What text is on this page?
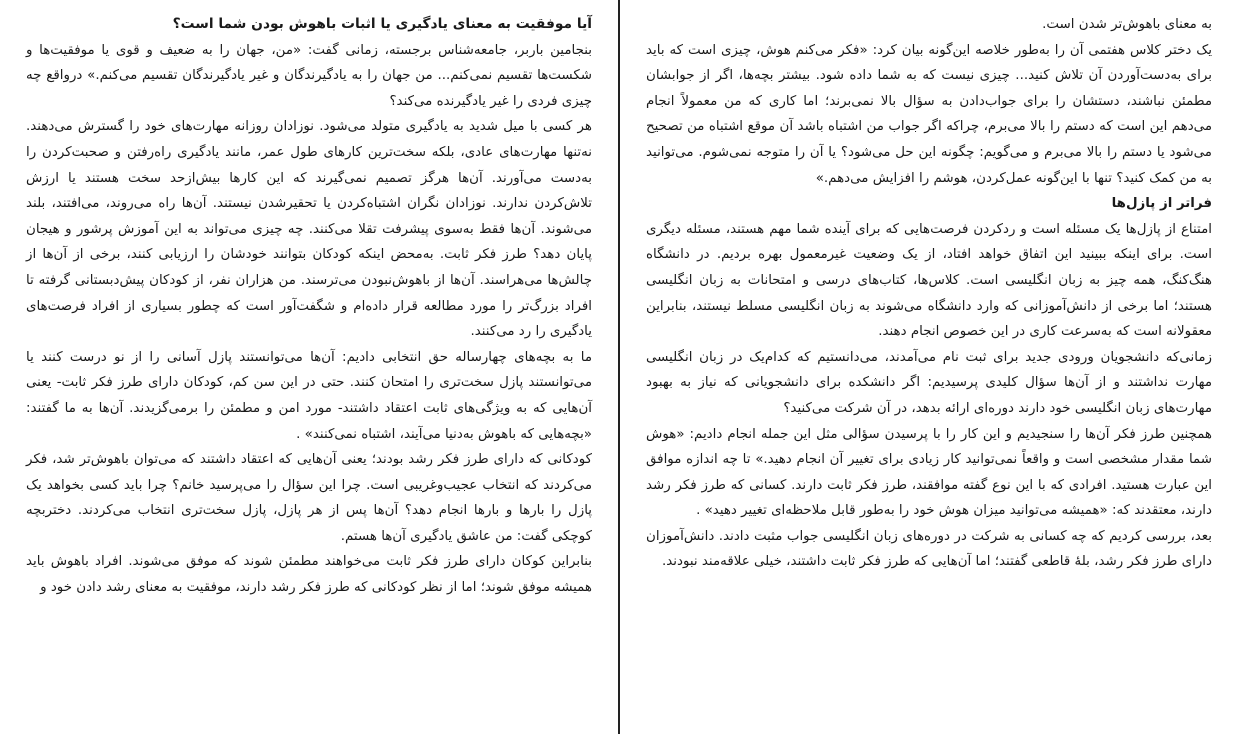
آیا موفقیت به معنای یادگیری یا اثبات باهوش بودن شما است؟

بنجامین باربر، جامعه‌شناس برجسته، زمانی گفت: «من، جهان را به ضعیف و قوی یا موفقیت‌ها و شکست‌ها تقسیم نمی‌کنم... من جهان را به یادگیرندگان و غیر یادگیرندگان تقسیم می‌کنم.» درواقع چه چیزی فردی را غیر یادگیرنده می‌کند؟

هر کسی با میل شدید به یادگیری متولد می‌شود. نوزادان روزانه مهارت‌های خود را گسترش می‌دهند. نه‌تنها مهارت‌های عادی، بلکه سخت‌ترین کارهای طول عمر، مانند یادگیری راه‌رفتن و صحبت‌کردن را به‌دست می‌آورند. آن‌ها هرگز تصمیم نمی‌گیرند که این کارها بیش‌ازحد سخت هستند یا ارزش تلاش‌کردن ندارند. نوزادان نگران اشتباه‌کردن یا تحقیرشدن نیستند. آن‌ها راه می‌روند، می‌افتند، بلند می‌شوند. آن‌ها فقط به‌سوی پیشرفت تقلا می‌کنند. چه چیزی می‌تواند به این آموزش پرشور و هیجان پایان دهد؟ طرز فکر ثابت. به‌محض اینکه کودکان بتوانند خودشان را ارزیابی کنند، برخی از آن‌ها از چالش‌ها می‌هراسند. آن‌ها از باهوش‌نبودن می‌ترسند. من هزاران نفر، از کودکان پیش‌دبستانی گرفته تا افراد بزرگ‌تر را مورد مطالعه قرار داده‌ام و شگفت‌آور است که چطور بسیاری از افراد فرصت‌های یادگیری را رد می‌کنند.

ما به بچه‌های چهارساله حق انتخابی دادیم: آن‌ها می‌توانستند پازل آسانی را از نو درست کنند یا می‌توانستند پازل سخت‌تری را امتحان کنند. حتی در این سن کم، کودکان دارای طرز فکر ثابت- یعنی آن‌هایی که به ویژگی‌های ثابت اعتقاد داشتند- مورد امن و مطمئن را برمی‌گزیدند. آن‌ها به ما گفتند: «بچه‌هایی که باهوش به‌دنیا می‌آیند، اشتباه نمی‌کنند» .

کودکانی که دارای طرز فکر رشد بودند؛ یعنی آن‌هایی که اعتقاد داشتند که می‌توان باهوش‌تر شد، فکر می‌کردند که انتخاب عجیب‌وغریبی است. چرا این سؤال را می‌پرسید خانم؟ چرا باید کسی بخواهد یک پازل را بارها و بارها انجام دهد؟ آن‌ها پس از هر پازل، پازل سخت‌تری انتخاب می‌کردند. دختربچه کوچکی گفت: من عاشق یادگیری آن‌ها هستم.

بنابراین کوکان دارای طرز فکر ثابت می‌خواهند مطمئن شوند که موفق می‌شوند. افراد باهوش باید همیشه موفق شوند؛ اما از نظر کودکانی که طرز فکر رشد دارند، موفقیت به معنای رشد دادن خود و

به معنای باهوش‌تر شدن است.

یک دختر کلاس هفتمی آن را به‌طور خلاصه این‌گونه بیان کرد: «فکر می‌کنم هوش، چیزی است که باید برای به‌دست‌آوردن آن تلاش کنید... چیزی نیست که به شما داده شود. بیشتر بچه‌ها، اگر از جوابشان مطمئن نباشند، دستشان را برای جواب‌دادن به سؤال بالا نمی‌برند؛ اما کاری که من معمولاً انجام می‌دهم این است که دستم را بالا می‌برم، چراکه اگر جواب من اشتباه باشد آن موقع اشتباه من تصحیح می‌شود یا دستم را بالا می‌برم و می‌گویم: چگونه این حل می‌شود؟ یا آن را متوجه نمی‌شوم. می‌توانید به من کمک کنید؟ تنها با این‌گونه عمل‌کردن، هوشم را افزایش می‌دهم.»

فراتر از پازل‌ها

امتناع از پازل‌ها یک مسئله است و ردکردن فرصت‌هایی که برای آینده شما مهم هستند، مسئله دیگری است. برای اینکه ببینید این اتفاق خواهد افتاد، از یک وضعیت غیرمعمول بهره بردیم. در دانشگاه هنگ‌کنگ، همه چیز به زبان انگلیسی است. کلاس‌ها، کتاب‌های درسی و امتحانات به زبان انگلیسی هستند؛ اما برخی از دانش‌آموزانی که وارد دانشگاه می‌شوند به زبان انگلیسی مسلط نیستند، بنابراین معقولانه است که به‌سرعت کاری در این خصوص انجام دهند.

زمانی‌که دانشجویان ورودی جدید برای ثبت نام می‌آمدند، می‌دانستیم که کدام‌یک در زبان انگلیسی مهارت نداشتند و از آن‌ها سؤال کلیدی پرسیدیم: اگر دانشکده برای دانشجویانی که نیاز به بهبود مهارت‌های زبان انگلیسی خود دارند دوره‌ای ارائه بدهد، در آن شرکت می‌کنید؟

همچنین طرز فکر آن‌ها را سنجیدیم و این کار را با پرسیدن سؤالی مثل این جمله انجام دادیم: «هوش شما مقدار مشخصی است و واقعاً نمی‌توانید کار زیادی برای تغییر آن انجام دهید.» تا چه اندازه موافق این عبارت هستید. افرادی که با این نوع گفته موافقند، طرز فکر ثابت دارند. کسانی که طرز فکر رشد دارند، معتقدند که: «همیشه می‌توانید میزان هوش خود را به‌طور قابل ملاحظه‌ای تغییر دهید» .

بعد، بررسی کردیم که چه کسانی به شرکت در دوره‌های زبان انگلیسی جواب مثبت دادند. دانش‌آموزان دارای طرز فکر رشد، بلهٔ قاطعی گفتند؛ اما آن‌هایی که طرز فکر ثابت داشتند، خیلی علاقه‌مند نبودند.
